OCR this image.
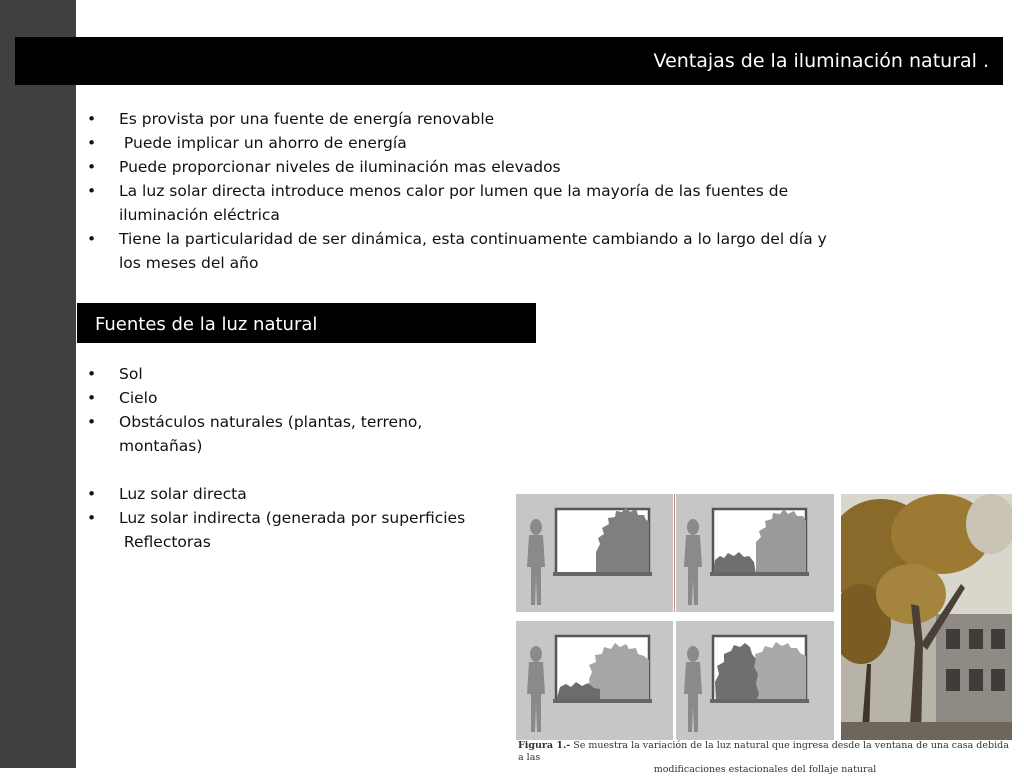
Ventajas de la iluminación natural .
• Es provista por una fuente de energía renovable
• Puede implicar un ahorro de energía
• Puede proporcionar niveles de iluminación mas elevados
• La luz solar directa introduce menos calor por lumen que la mayoría de las fuentes de iluminación eléctrica
• Tiene la particularidad de ser dinámica, esta continuamente cambiando a lo largo del día y los meses del año
Fuentes de la luz natural
• Sol
• Cielo
• Obstáculos naturales (plantas, terreno, montañas)
• Luz solar directa
• Luz solar indirecta (generada por superficies
Reflectoras
Figura 1.- Se muestra la variación de la luz natural que ingresa desde la ventana de una casa debida a las
modificaciones estacionales del follaje natural
